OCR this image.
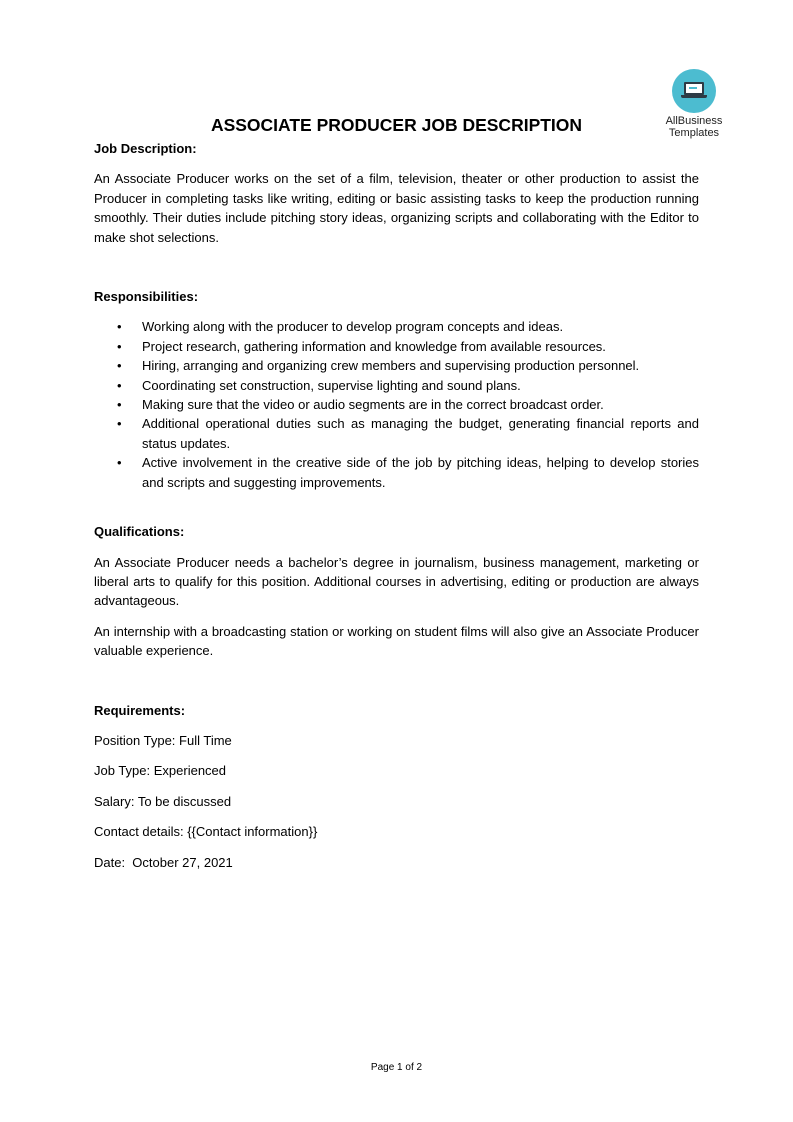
AllBusiness
Templates
ASSOCIATE PRODUCER JOB DESCRIPTION

Job Description:

An Associate Producer works on the set of a film, television, theater or other production to assist the Producer in completing tasks like writing, editing or basic assisting tasks to keep the production running smoothly. Their duties include pitching story ideas, organizing scripts and collaborating with the Editor to make shot selections.

Responsibilities:

• Working along with the producer to develop program concepts and ideas.
• Project research, gathering information and knowledge from available resources.
• Hiring, arranging and organizing crew members and supervising production personnel.
• Coordinating set construction, supervise lighting and sound plans.
• Making sure that the video or audio segments are in the correct broadcast order.
• Additional operational duties such as managing the budget, generating financial reports and status updates.
• Active involvement in the creative side of the job by pitching ideas, helping to develop stories and scripts and suggesting improvements.

Qualifications:

An Associate Producer needs a bachelor’s degree in journalism, business management, marketing or liberal arts to qualify for this position. Additional courses in advertising, editing or production are always advantageous.

An internship with a broadcasting station or working on student films will also give an Associate Producer valuable experience.

Requirements:

Position Type: Full Time

Job Type: Experienced

Salary: To be discussed

Contact details: {{Contact information}}

Date:  October 27, 2021

Page 1 of 2
